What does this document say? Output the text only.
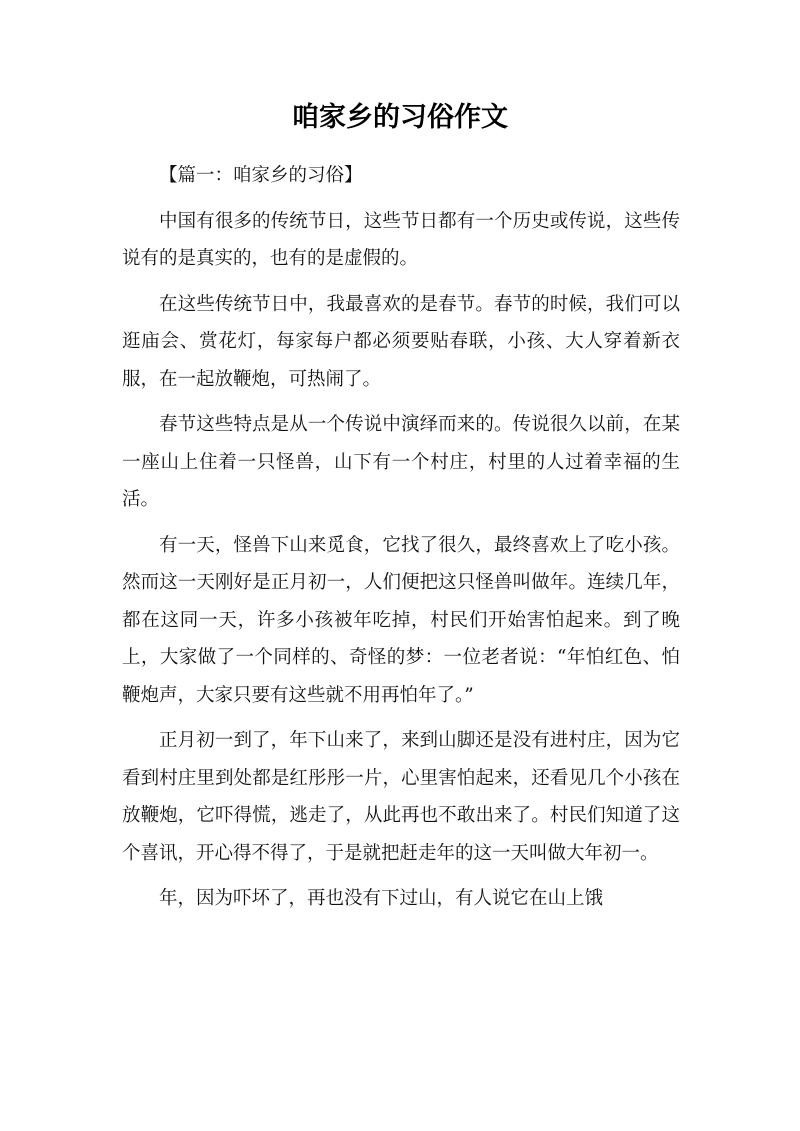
咱家乡的习俗作文

【篇一：咱家乡的习俗】

中国有很多的传统节日，这些节日都有一个历史或传说，这些传说有的是真实的，也有的是虚假的。

在这些传统节日中，我最喜欢的是春节。春节的时候，我们可以逛庙会、赏花灯，每家每户都必须要贴春联，小孩、大人穿着新衣服，在一起放鞭炮，可热闹了。

春节这些特点是从一个传说中演绎而来的。传说很久以前，在某一座山上住着一只怪兽，山下有一个村庄，村里的人过着幸福的生活。

有一天，怪兽下山来觅食，它找了很久，最终喜欢上了吃小孩。然而这一天刚好是正月初一，人们便把这只怪兽叫做年。连续几年，都在这同一天，许多小孩被年吃掉，村民们开始害怕起来。到了晚上，大家做了一个同样的、奇怪的梦：一位老者说：“年怕红色、怕鞭炮声，大家只要有这些就不用再怕年了。”

正月初一到了，年下山来了，来到山脚还是没有进村庄，因为它看到村庄里到处都是红彤彤一片，心里害怕起来，还看见几个小孩在放鞭炮，它吓得慌，逃走了，从此再也不敢出来了。村民们知道了这个喜讯，开心得不得了，于是就把赶走年的这一天叫做大年初一。

年，因为吓坏了，再也没有下过山，有人说它在山上饿
